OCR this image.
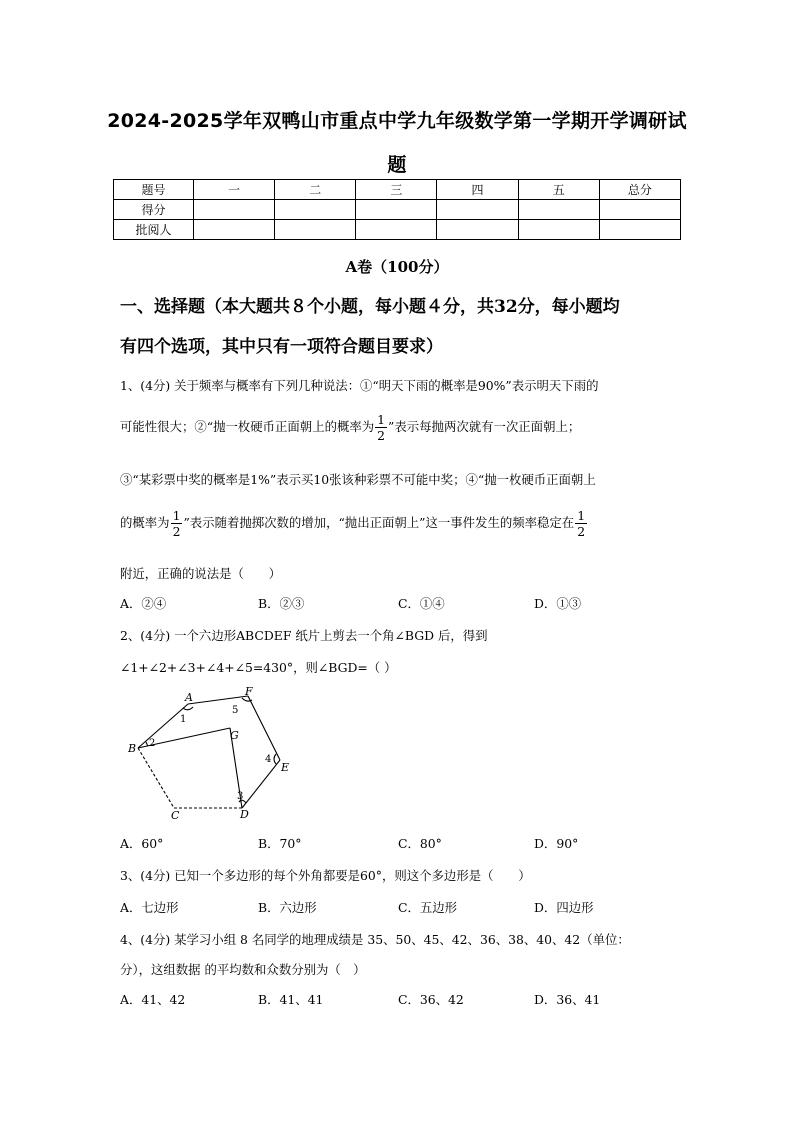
2024-2025学年双鸭山市重点中学九年级数学第一学期开学调研试
题
题号	一	二	三	四	五	总分
得分						
批阅人						
A卷（100分）
一、选择题（本大题共８个小题，每小题４分，共32分，每小题均
有四个选项，其中只有一项符合题目要求）
1、(4分) 关于频率与概率有下列几种说法：①“明天下雨的概率是90%”表示明天下雨的
可能性很大；②“抛一枚硬币正面朝上的概率为 $\frac{1}{2}$ ”表示每抛两次就有一次正面朝上；
③“某彩票中奖的概率是1%”表示买10张该种彩票不可能中奖；④“抛一枚硬币正面朝上
的概率为 $\frac{1}{2}$ ”表示随着抛掷次数的增加，“抛出正面朝上”这一事件发生的频率稳定在 $\frac{1}{2}$
附近，正确的说法是（　　）
A．②④	B．②③	C．①④	D．①③
2、(4分) 一个六边形ABCDEF 纸片上剪去一个角∠BGD 后，得到
∠1+∠2+∠3+∠4+∠5=430°，则∠BGD=（ ）
A	F
B
G
E
D
C
1
5
2
4
3
A．60°	B．70°	C．80°	D．90°
3、(4分) 已知一个多边形的每个外角都要是60°，则这个多边形是（　　）
A．七边形	B．六边形	C．五边形	D．四边形
4、(4分) 某学习小组 8 名同学的地理成绩是 35、50、45、42、36、38、40、42（单位：
分），这组数据 的平均数和众数分别为（　）
A．41、42	B．41、41	C．36、42	D．36、41
